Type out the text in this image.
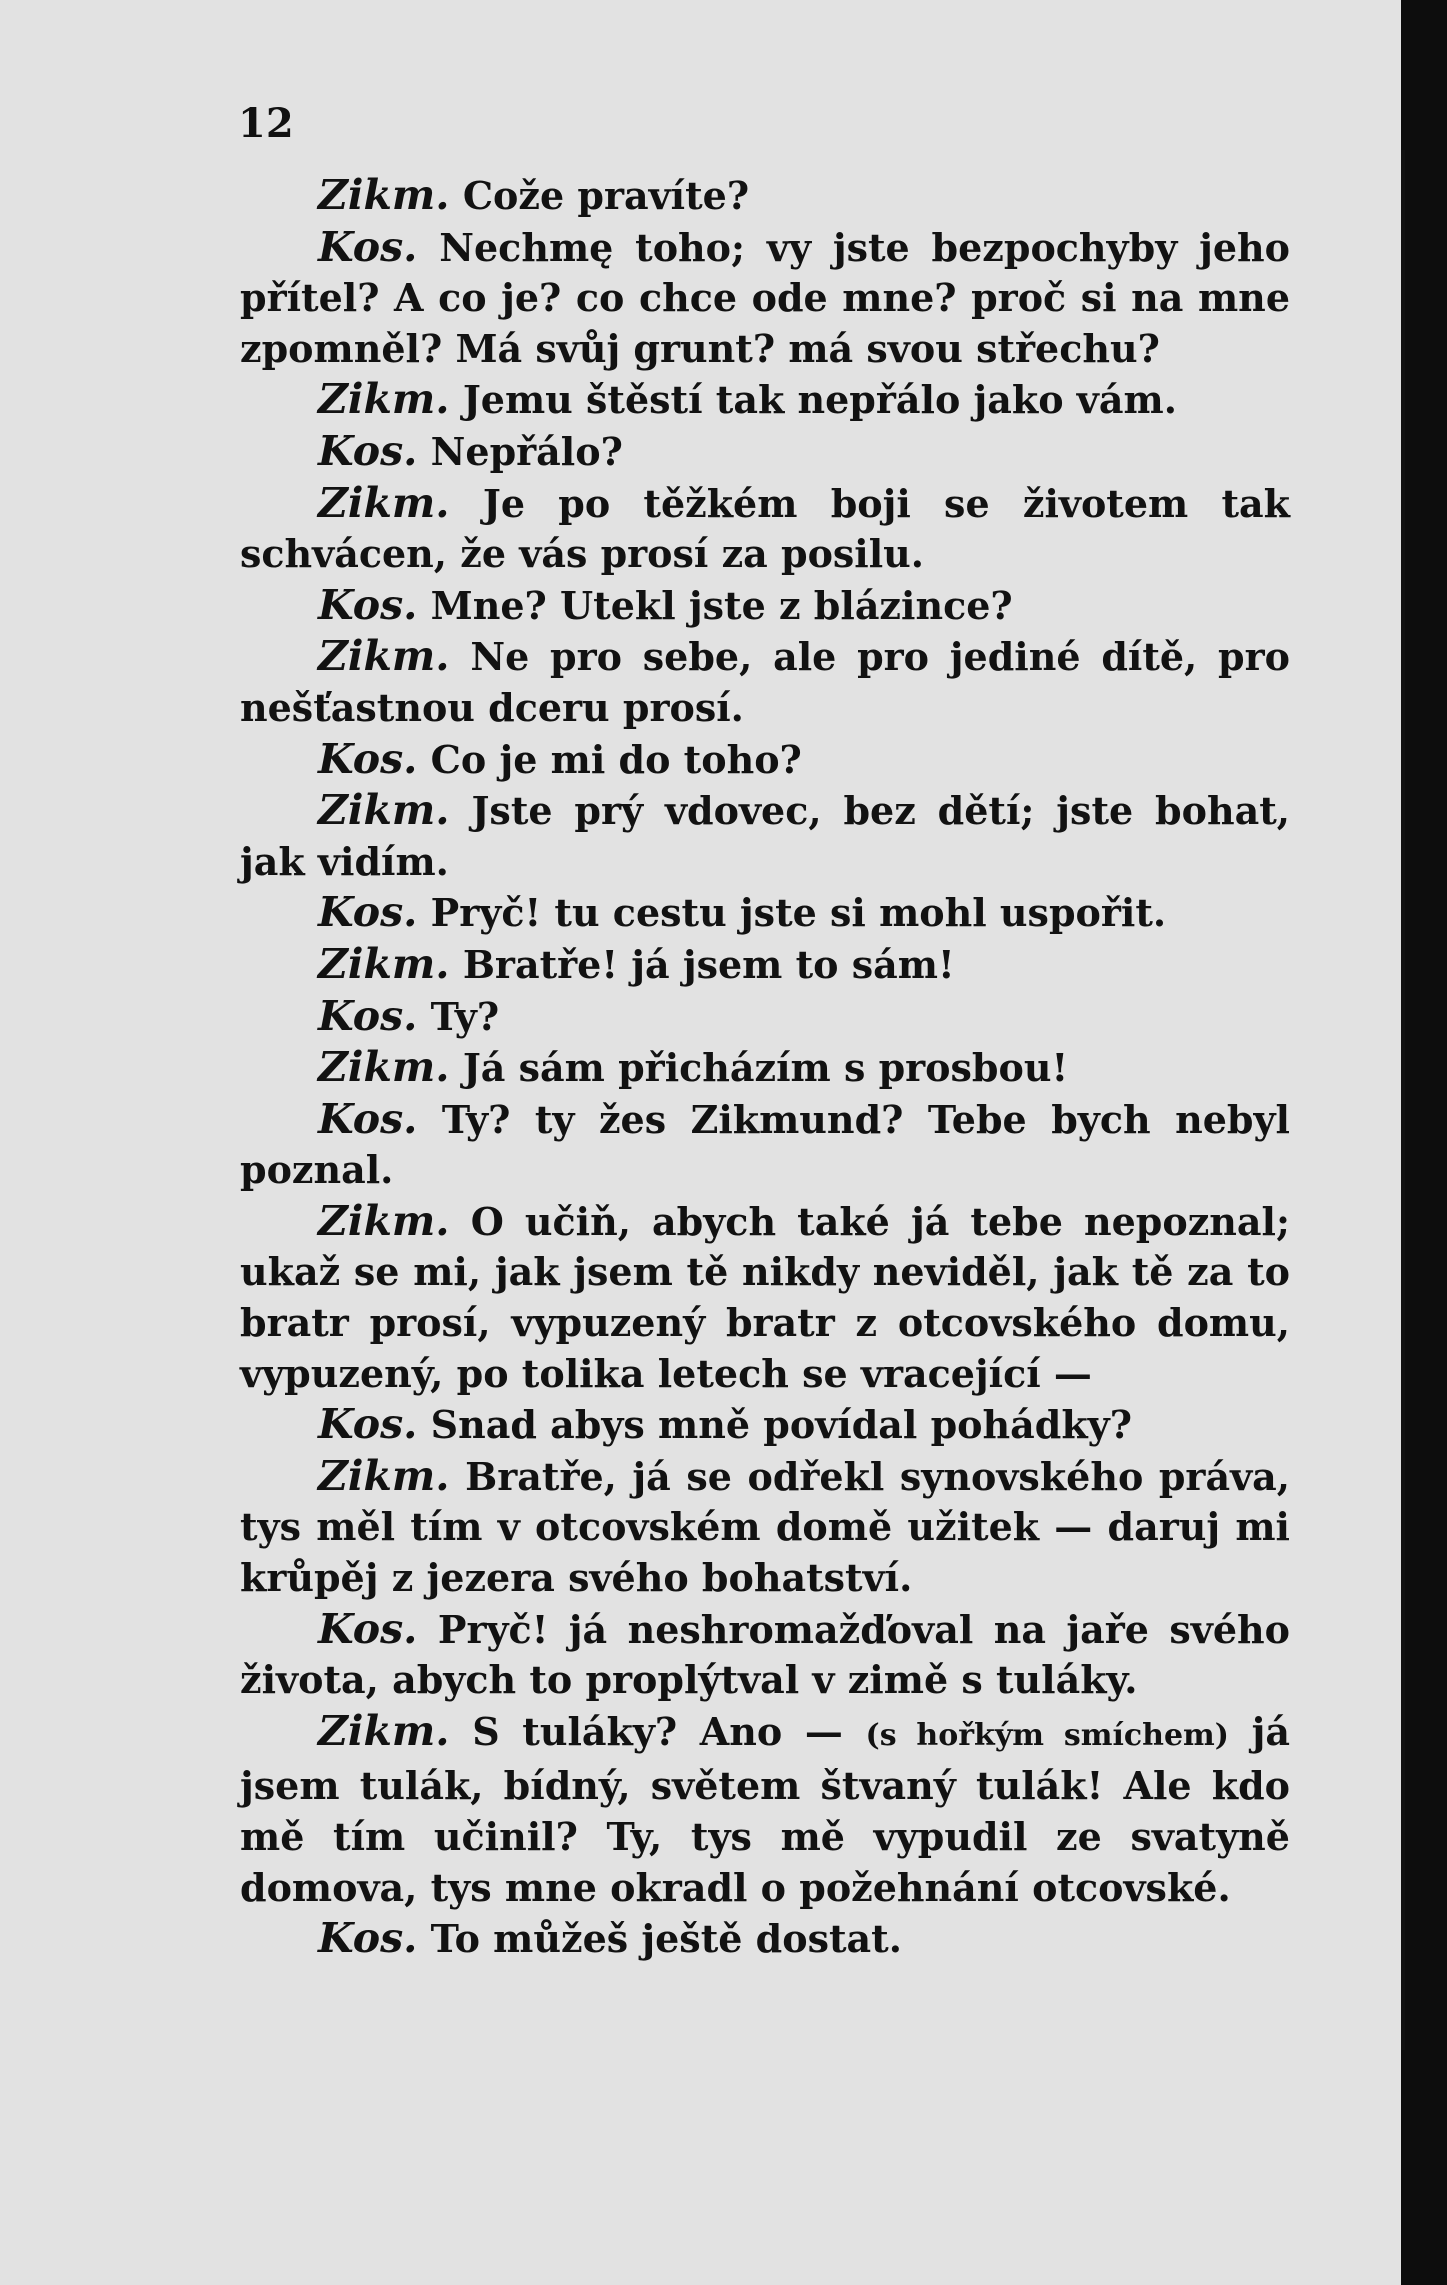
12

Zikm. Cože pravíte?

Kos. Nechmę toho; vy jste bezpochyby jeho přítel? A co je? co chce ode mne? proč si na mne zpomněl? Má svůj grunt? má svou střechu?

Zikm. Jemu štěstí tak nepřálo jako vám.

Kos. Nepřálo?

Zikm. Je po těžkém boji se životem tak schvácen, že vás prosí za posilu.

Kos. Mne? Utekl jste z blázince?

Zikm. Ne pro sebe, ale pro jediné dítě, pro nešťastnou dceru prosí.

Kos. Co je mi do toho?

Zikm. Jste prý vdovec, bez dětí; jste bohat, jak vidím.

Kos. Pryč! tu cestu jste si mohl uspořit.

Zikm. Bratře! já jsem to sám!

Kos. Ty?

Zikm. Já sám přicházím s prosbou!

Kos. Ty? ty žes Zikmund? Tebe bych nebyl poznal.

Zikm. O učiň, abych také já tebe nepoznal; ukaž se mi, jak jsem tě nikdy neviděl, jak tě za to bratr prosí, vypuzený bratr z otcovského domu, vypuzený, po tolika letech se vracející —

Kos. Snad abys mně povídal pohádky?

Zikm. Bratře, já se odřekl synovského práva, tys měl tím v otcovském domě užitek — daruj mi krůpěj z jezera svého bohatství.

Kos. Pryč! já neshromažďoval na jaře svého života, abych to proplýtval v zimě s tuláky.

Zikm. S tuláky? Ano — (s hořkým smíchem) já jsem tulák, bídný, světem štvaný tulák! Ale kdo mě tím učinil? Ty, tys mě vypudil ze svatyně domova, tys mne okradl o požehnání otcovské.

Kos. To můžeš ještě dostat.
